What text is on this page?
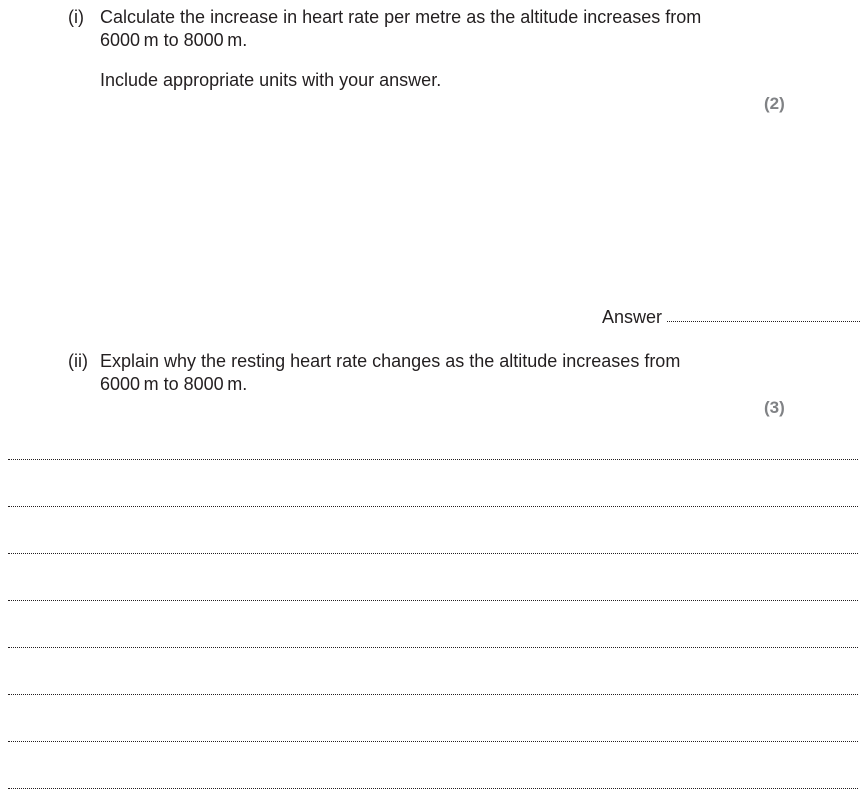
(i) Calculate the increase in heart rate per metre as the altitude increases from
6000 m to 8000 m.
Include appropriate units with your answer.
(2)
Answer
(ii) Explain why the resting heart rate changes as the altitude increases from
6000 m to 8000 m.
(3)
